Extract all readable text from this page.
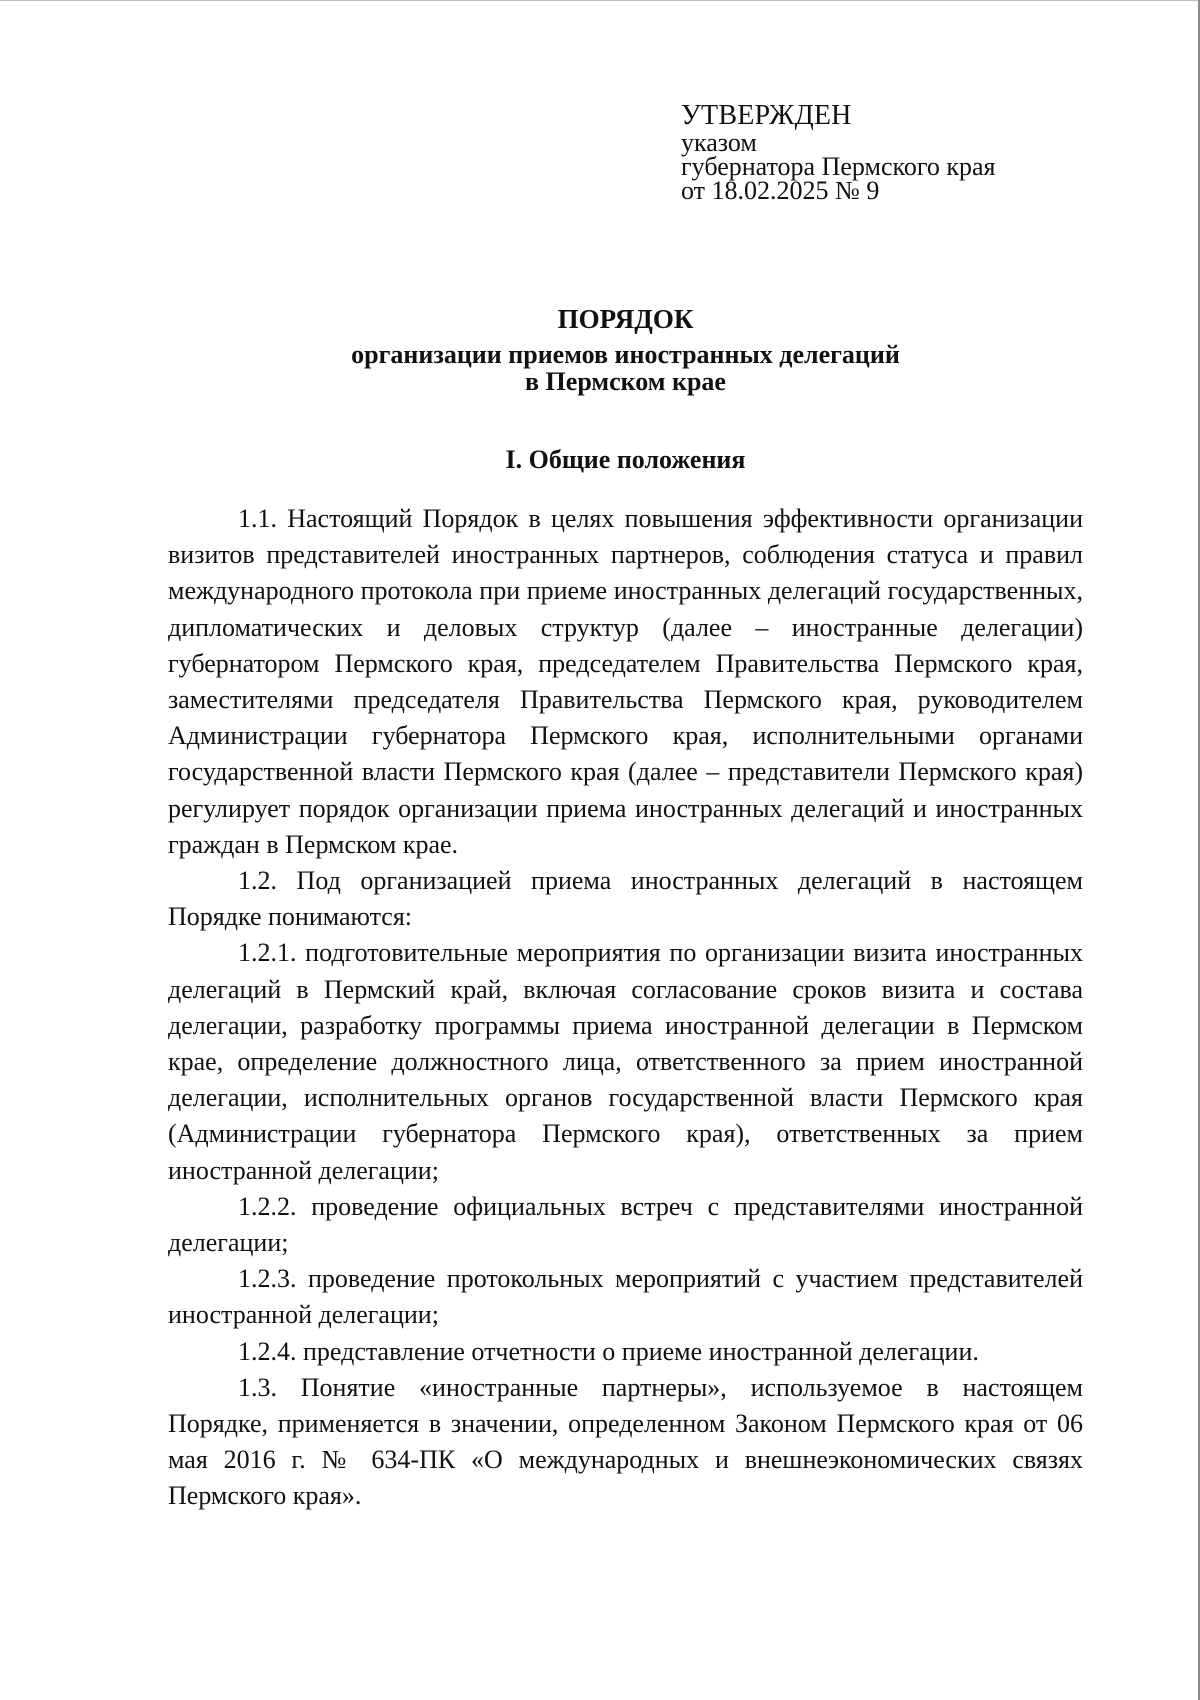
УТВЕРЖДЕН
указом
губернатора Пермского края
от 18.02.2025 № 9
ПОРЯДОК
организации приемов иностранных делегаций
в Пермском крае
I. Общие положения

1.1. Настоящий Порядок в целях повышения эффективности организации визитов представителей иностранных партнеров, соблюдения статуса и правил международного протокола при приеме иностранных делегаций государственных, дипломатических и деловых структур (далее – иностранные делегации) губернатором Пермского края, председателем Правительства Пермского края, заместителями председателя Правительства Пермского края, руководителем Администрации губернатора Пермского края, исполнительными органами государственной власти Пермского края (далее – представители Пермского края) регулирует порядок организации приема иностранных делегаций и иностранных граждан в Пермском крае.

1.2. Под организацией приема иностранных делегаций в настоящем Порядке понимаются:

1.2.1. подготовительные мероприятия по организации визита иностранных делегаций в Пермский край, включая согласование сроков визита и состава делегации, разработку программы приема иностранной делегации в Пермском крае, определение должностного лица, ответственного за прием иностранной делегации, исполнительных органов государственной власти Пермского края (Администрации губернатора Пермского края), ответственных за прием иностранной делегации;

1.2.2. проведение официальных встреч с представителями иностранной делегации;

1.2.3. проведение протокольных мероприятий с участием представителей иностранной делегации;

1.2.4. представление отчетности о приеме иностранной делегации.

1.3. Понятие «иностранные партнеры», используемое в настоящем Порядке, применяется в значении, определенном Законом Пермского края от 06 мая 2016 г. № 634-ПК «О международных и внешнеэкономических связях Пермского края».
